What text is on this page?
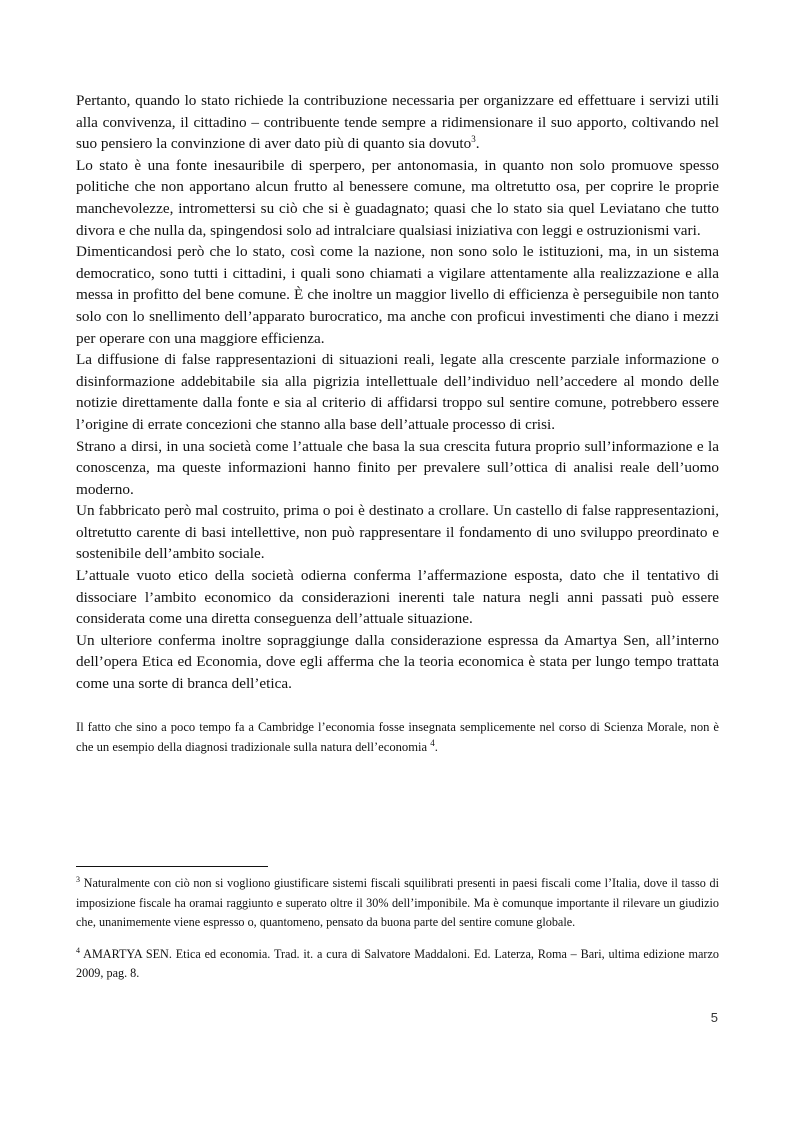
Pertanto, quando lo stato richiede la contribuzione necessaria per organizzare ed effettuare i servizi utili alla convivenza, il cittadino – contribuente tende sempre a ridimensionare il suo apporto, coltivando nel suo pensiero la convinzione di aver dato più di quanto sia dovuto$^3$.

Lo stato è una fonte inesauribile di sperpero, per antonomasia, in quanto non solo promuove spesso politiche che non apportano alcun frutto al benessere comune, ma oltretutto osa, per coprire le proprie manchevolezze, intromettersi su ciò che si è guadagnato; quasi che lo stato sia quel Leviatano che tutto divora e che nulla da, spingendosi solo ad intralciare qualsiasi iniziativa con leggi e ostruzionismi vari.

Dimenticandosi però che lo stato, così come la nazione, non sono solo le istituzioni, ma, in un sistema democratico, sono tutti i cittadini, i quali sono chiamati a vigilare attentamente alla realizzazione e alla messa in profitto del bene comune. È che inoltre un maggior livello di efficienza è perseguibile non tanto solo con lo snellimento dell’apparato burocratico, ma anche con proficui investimenti che diano i mezzi per operare con una maggiore efficienza.

La diffusione di false rappresentazioni di situazioni reali, legate alla crescente parziale informazione o disinformazione addebitabile sia alla pigrizia intellettuale dell’individuo nell’accedere al mondo delle notizie direttamente dalla fonte e sia al criterio di affidarsi troppo sul sentire comune, potrebbero essere l’origine di errate concezioni che stanno alla base dell’attuale processo di crisi.

Strano a dirsi, in una società come l’attuale che basa la sua crescita futura proprio sull’informazione e la conoscenza, ma queste informazioni hanno finito per prevalere sull’ottica di analisi reale dell’uomo moderno.

Un fabbricato però mal costruito, prima o poi è destinato a crollare. Un castello di false rappresentazioni, oltretutto carente di basi intellettive, non può rappresentare il fondamento di uno sviluppo preordinato e sostenibile dell’ambito sociale.

L’attuale vuoto etico della società odierna conferma l’affermazione esposta, dato che il tentativo di dissociare l’ambito economico da considerazioni inerenti tale natura negli anni passati può essere considerata come una diretta conseguenza dell’attuale situazione.

Un ulteriore conferma inoltre sopraggiunge dalla considerazione espressa da Amartya Sen, all’interno dell’opera Etica ed Economia, dove egli afferma che la teoria economica è stata per lungo tempo trattata come una sorte di branca dell’etica.

Il fatto che sino a poco tempo fa a Cambridge l’economia fosse insegnata semplicemente nel corso di Scienza Morale, non è che un esempio della diagnosi tradizionale sulla natura dell’economia $^4$.

$^3$ Naturalmente con ciò non si vogliono giustificare sistemi fiscali squilibrati presenti in paesi fiscali come l’Italia, dove il tasso di imposizione fiscale ha oramai raggiunto e superato oltre il 30% dell’imponibile. Ma è comunque importante il rilevare un giudizio che, unanimemente viene espresso o, quantomeno, pensato da buona parte del sentire comune globale.

$^4$ AMARTYA SEN. Etica ed economia. Trad. it. a cura di Salvatore Maddaloni. Ed. Laterza, Roma – Bari, ultima edizione marzo 2009, pag. 8.

5
